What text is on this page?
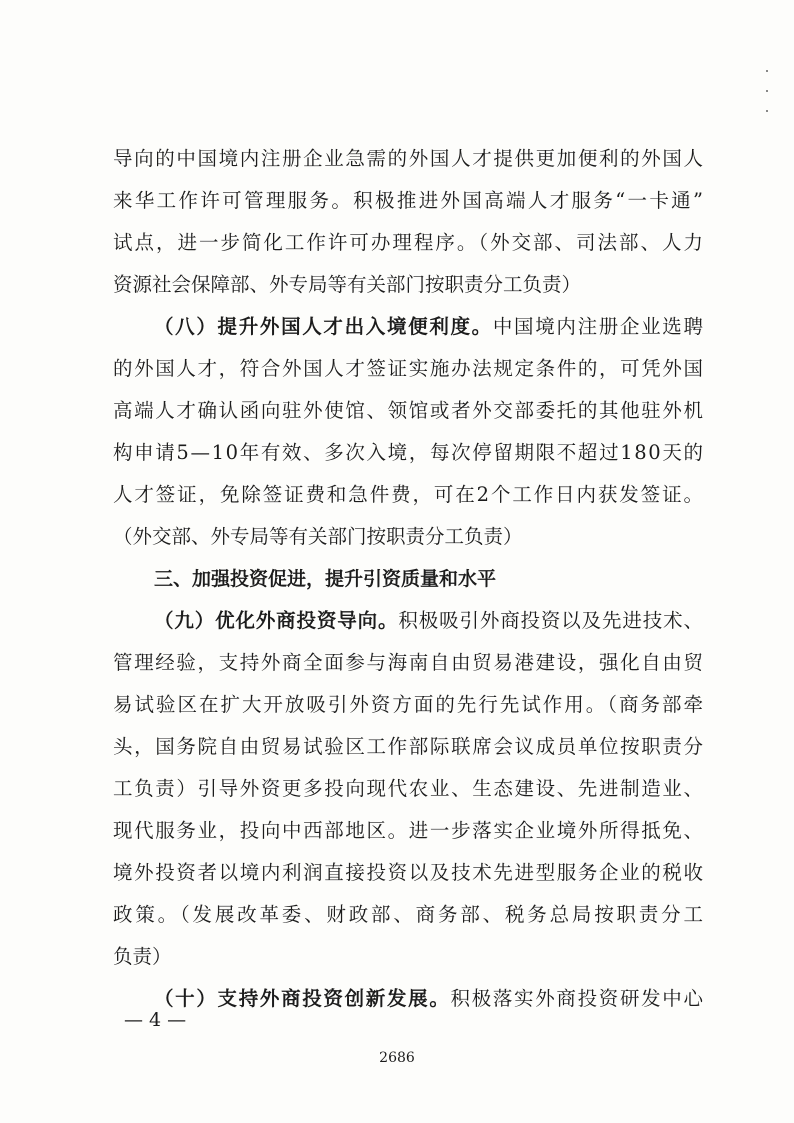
导向的中国境内注册企业急需的外国人才提供更加便利的外国人
来华工作许可管理服务。积极推进外国高端人才服务“一卡通”
试点，进一步简化工作许可办理程序。（外交部、司法部、人力
资源社会保障部、外专局等有关部门按职责分工负责）
（八）提升外国人才出入境便利度。中国境内注册企业选聘
的外国人才，符合外国人才签证实施办法规定条件的，可凭外国
高端人才确认函向驻外使馆、领馆或者外交部委托的其他驻外机
构申请5—10年有效、多次入境，每次停留期限不超过180天的
人才签证，免除签证费和急件费，可在2个工作日内获发签证。
（外交部、外专局等有关部门按职责分工负责）
三、加强投资促进，提升引资质量和水平
（九）优化外商投资导向。积极吸引外商投资以及先进技术、
管理经验，支持外商全面参与海南自由贸易港建设，强化自由贸
易试验区在扩大开放吸引外资方面的先行先试作用。（商务部牵
头，国务院自由贸易试验区工作部际联席会议成员单位按职责分
工负责）引导外资更多投向现代农业、生态建设、先进制造业、
现代服务业，投向中西部地区。进一步落实企业境外所得抵免、
境外投资者以境内利润直接投资以及技术先进型服务企业的税收
政策。（发展改革委、财政部、商务部、税务总局按职责分工
负责）
（十）支持外商投资创新发展。积极落实外商投资研发中心
— 4 —
2686
